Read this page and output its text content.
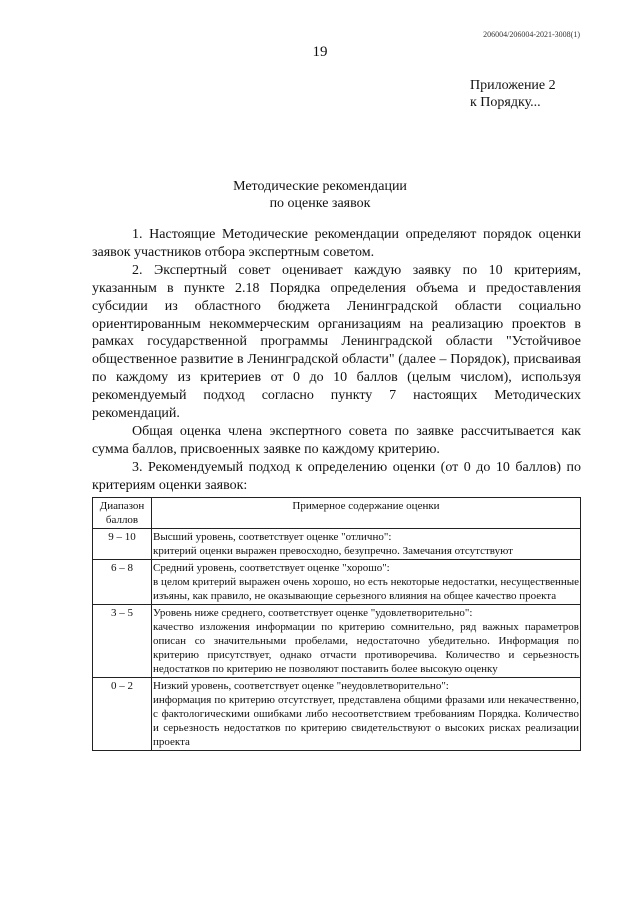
206004/206004-2021-3008(1)
19
Приложение 2
к Порядку...
Методические рекомендации
по оценке заявок

1. Настоящие Методические рекомендации определяют порядок оценки заявок участников отбора экспертным советом.

2. Экспертный совет оценивает каждую заявку по 10 критериям, указанным в пункте 2.18 Порядка определения объема и предоставления субсидии из областного бюджета Ленинградской области социально ориентированным некоммерческим организациям на реализацию проектов в рамках государственной программы Ленинградской области "Устойчивое общественное развитие в Ленинградской области" (далее – Порядок), присваивая по каждому из критериев от 0 до 10 баллов (целым числом), используя рекомендуемый подход согласно пункту 7 настоящих Методических рекомендаций.

Общая оценка члена экспертного совета по заявке рассчитывается как сумма баллов, присвоенных заявке по каждому критерию.

3. Рекомендуемый подход к определению оценки (от 0 до 10 баллов) по критериям оценки заявок:

Диапазон баллов	Примерное содержание оценки
9 – 10	Высший уровень, соответствует оценке "отлично":
критерий оценки выражен превосходно, безупречно. Замечания отсутствуют
6 – 8	Средний уровень, соответствует оценке "хорошо":
в целом критерий выражен очень хорошо, но есть некоторые недостатки, несущественные изъяны, как правило, не оказывающие серьезного влияния на общее качество проекта
3 – 5	Уровень ниже среднего, соответствует оценке "удовлетворительно":
качество изложения информации по критерию сомнительно, ряд важных параметров описан со значительными пробелами, недостаточно убедительно. Информация по критерию присутствует, однако отчасти противоречива. Количество и серьезность недостатков по критерию не позволяют поставить более высокую оценку
0 – 2	Низкий уровень, соответствует оценке "неудовлетворительно":
информация по критерию отсутствует, представлена общими фразами или некачественно, с фактологическими ошибками либо несоответствием требованиям Порядка. Количество и серьезность недостатков по критерию свидетельствуют о высоких рисках реализации проекта
